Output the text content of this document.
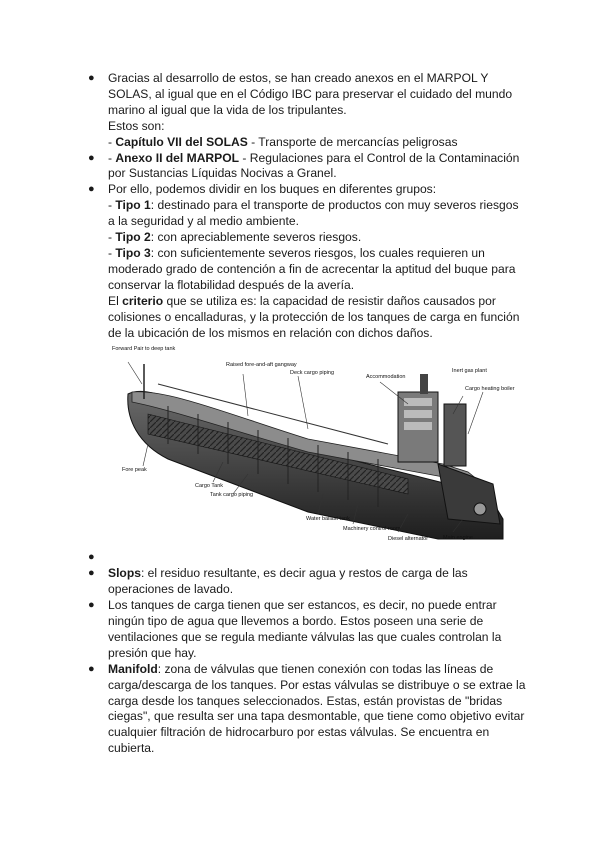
●	Gracias al desarrollo de estos, se han creado anexos en el MARPOL Y SOLAS, al igual que en el Código IBC para preservar el cuidado del mundo marino al igual que la vida de los tripulantes.

Estos son:

- Capítulo VII del SOLAS - Transporte de mercancías peligrosas

●	- Anexo II del MARPOL - Regulaciones para el Control de la Contaminación por Sustancias Líquidas Nocivas a Granel.

●	Por ello, podemos dividir en los buques en diferentes grupos:

- Tipo 1: destinado para el transporte de productos con muy severos riesgos a la seguridad y al medio ambiente.

- Tipo 2: con apreciablemente severos riesgos.

- Tipo 3: con suficientemente severos riesgos, los cuales requieren un moderado grado de contención a fin de acrecentar la aptitud del buque para conservar la flotabilidad después de la avería.

El criterio que se utiliza es: la capacidad de resistir daños causados por colisiones o encalladuras, y la protección de los tanques de carga en función de la ubicación de los mismos en relación con dichos daños.

Forward Pair to deep tank
Raised fore-and-aft gangway
Deck cargo piping
Accommodation
Inert gas plant
Cargo heating boiler
Fore peak
Cargo Tank
Tank cargo piping
Water ballast tank
Machinery control room
Diesel alternator	Main engine
●

●	Slops: el residuo resultante, es decir agua y restos de carga de las operaciones de lavado.

●	Los tanques de carga tienen que ser estancos, es decir, no puede entrar ningún tipo de agua que llevemos a bordo. Estos poseen una serie de ventilaciones que se regula mediante válvulas las que cuales controlan la presión que hay.

●	Manifold: zona de válvulas que tienen conexión con todas las líneas de carga/descarga de los tanques. Por estas válvulas se distribuye o se extrae la carga desde los tanques seleccionados. Estas, están provistas de "bridas ciegas", que resulta ser una tapa desmontable, que tiene como objetivo evitar cualquier filtración de hidrocarburo por estas válvulas. Se encuentra en cubierta.
